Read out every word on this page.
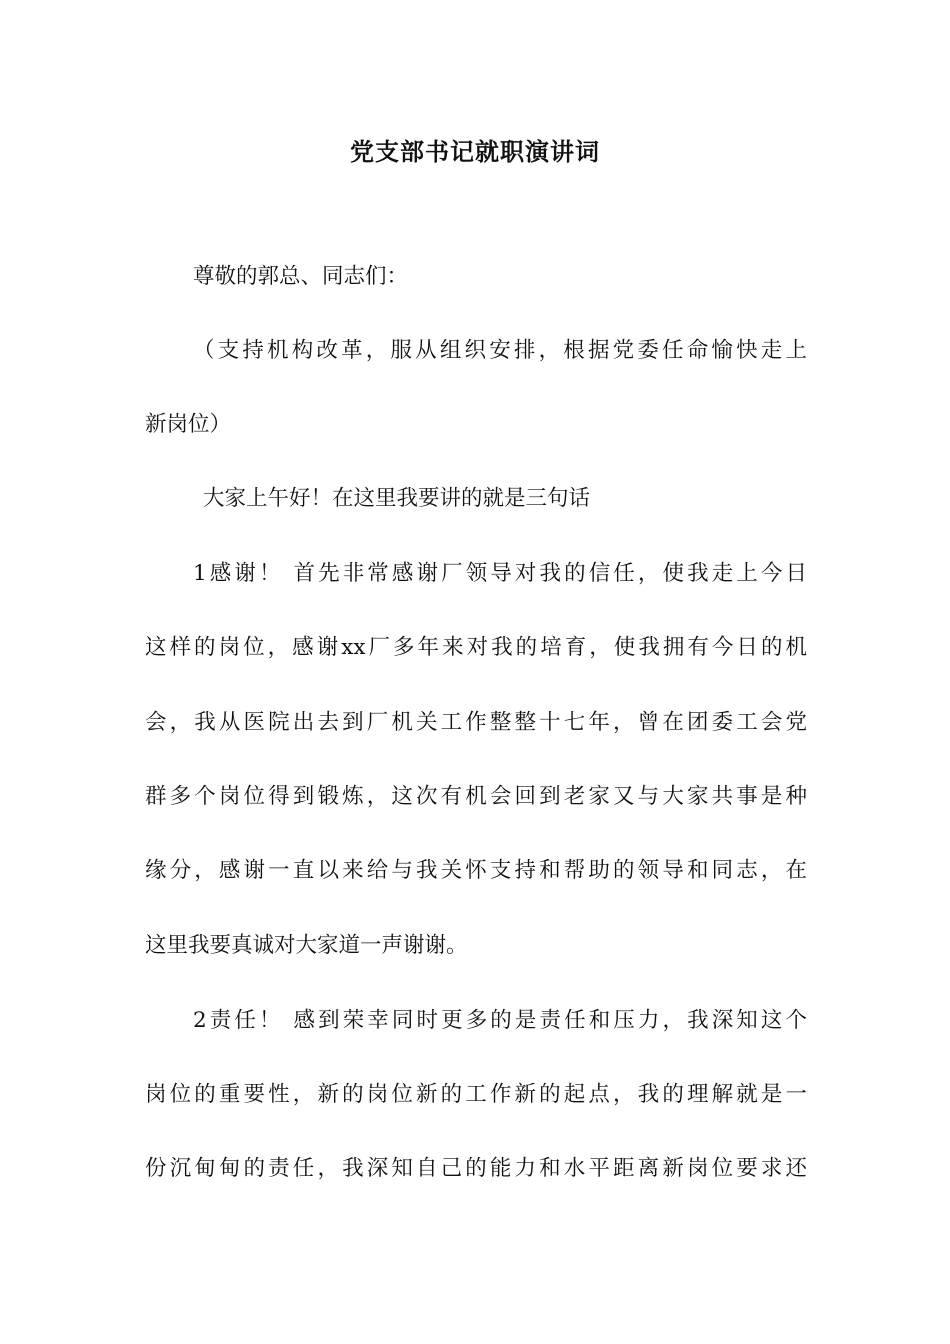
党支部书记就职演讲词
尊敬的郭总、同志们：
（支持机构改革，服从组织安排，根据党委任命愉快走上
新岗位）
大家上午好！在这里我要讲的就是三句话
1感谢！ 首先非常感谢厂领导对我的信任，使我走上今日
这样的岗位，感谢xx厂多年来对我的培育，使我拥有今日的机
会，我从医院出去到厂机关工作整整十七年，曾在团委工会党
群多个岗位得到锻炼，这次有机会回到老家又与大家共事是种
缘分，感谢一直以来给与我关怀支持和帮助的领导和同志，在
这里我要真诚对大家道一声谢谢。
2责任！ 感到荣幸同时更多的是责任和压力，我深知这个
岗位的重要性，新的岗位新的工作新的起点，我的理解就是一
份沉甸甸的责任，我深知自己的能力和水平距离新岗位要求还
